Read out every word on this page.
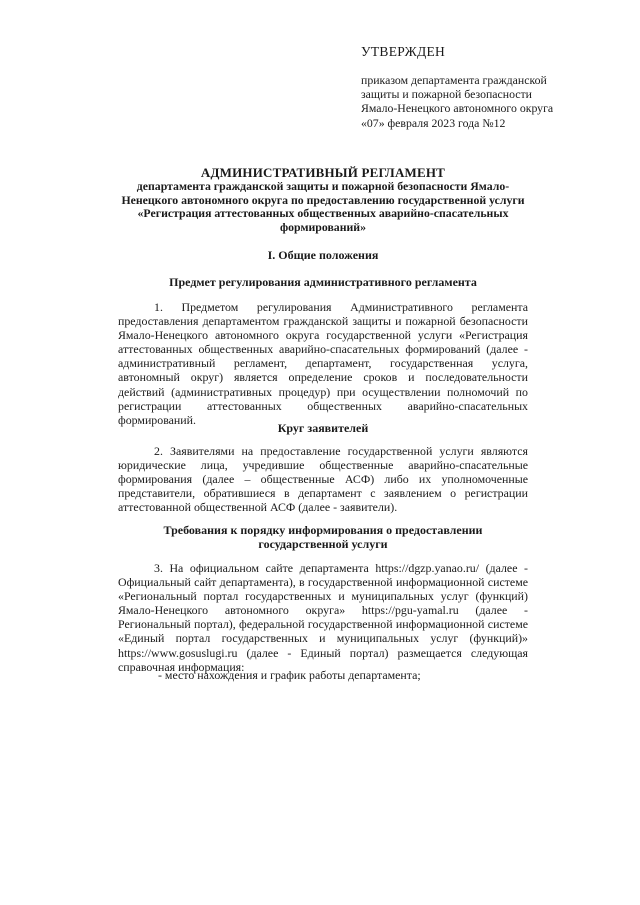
УТВЕРЖДЕН

приказом департамента гражданской защиты и пожарной безопасности Ямало-Ненецкого автономного округа «07» февраля 2023 года №12

АДМИНИСТРАТИВНЫЙ РЕГЛАМЕНТ

департамента гражданской защиты и пожарной безопасности Ямало-Ненецкого автономного округа по предоставлению государственной услуги «Регистрация аттестованных общественных аварийно-спасательных формирований»

I. Общие положения

Предмет регулирования административного регламента

1. Предметом регулирования Административного регламента предоставления департаментом гражданской защиты и пожарной безопасности Ямало-Ненецкого автономного округа государственной услуги «Регистрация аттестованных общественных аварийно-спасательных формирований (далее - административный регламент, департамент, государственная услуга, автономный округ) является определение сроков и последовательности действий (административных процедур) при осуществлении полномочий по регистрации аттестованных общественных аварийно-спасательных формирований.

Круг заявителей

2. Заявителями на предоставление государственной услуги являются юридические лица, учредившие общественные аварийно-спасательные формирования (далее – общественные АСФ) либо их уполномоченные представители, обратившиеся в департамент с заявлением о регистрации аттестованной общественной АСФ (далее - заявители).

Требования к порядку информирования о предоставлении государственной услуги

3. На официальном сайте департамента https://dgzp.yanao.ru/ (далее - Официальный сайт департамента), в государственной информационной системе «Региональный портал государственных и муниципальных услуг (функций) Ямало-Ненецкого автономного округа» https://pgu-yamal.ru (далее - Региональный портал), федеральной государственной информационной системе «Единый портал государственных и муниципальных услуг (функций)» https://www.gosuslugi.ru (далее - Единый портал) размещается следующая справочная информация:

- место нахождения и график работы департамента;
